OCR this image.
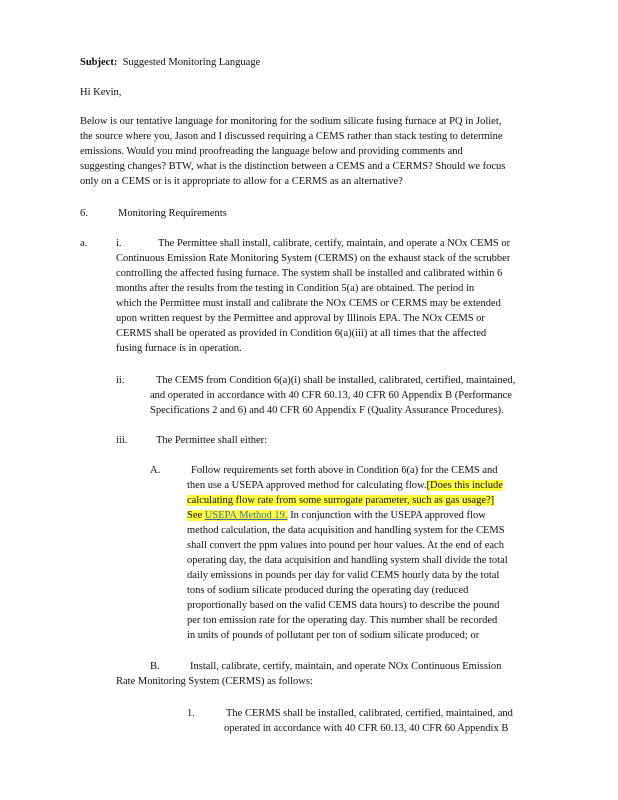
Subject: Suggested Monitoring Language
Hi Kevin,
Below is our tentative language for monitoring for the sodium silicate fusing furnace at PQ in Joliet,
the source where you, Jason and I discussed requiring a CEMS rather than stack testing to determine
emissions. Would you mind proofreading the language below and providing comments and
suggesting changes? BTW, what is the distinction between a CEMS and a CERMS? Should we focus
only on a CEMS or is it appropriate to allow for a CERMS as an alternative?
6.	Monitoring Requirements
a.	i.	The Permittee shall install, calibrate, certify, maintain, and operate a NOx CEMS or
Continuous Emission Rate Monitoring System (CERMS) on the exhaust stack of the scrubber
controlling the affected fusing furnace. The system shall be installed and calibrated within 6
months after the results from the testing in Condition 5(a) are obtained. The period in
which the Permittee must install and calibrate the NOx CEMS or CERMS may be extended
upon written request by the Permittee and approval by Illinois EPA. The NOx CEMS or
CERMS shall be operated as provided in Condition 6(a)(iii) at all times that the affected
fusing furnace is in operation.
ii.	The CEMS from Condition 6(a)(i) shall be installed, calibrated, certified, maintained,
and operated in accordance with 40 CFR 60.13, 40 CFR 60 Appendix B (Performance
Specifications 2 and 6) and 40 CFR 60 Appendix F (Quality Assurance Procedures).
iii.	The Permittee shall either:
A.	Follow requirements set forth above in Condition 6(a) for the CEMS and
then use a USEPA approved method for calculating flow.[Does this include
calculating flow rate from some surrogate parameter, such as gas usage?]
See USEPA Method 19. In conjunction with the USEPA approved flow
method calculation, the data acquisition and handling system for the CEMS
shall convert the ppm values into pound per hour values. At the end of each
operating day, the data acquisition and handling system shall divide the total
daily emissions in pounds per day for valid CEMS hourly data by the total
tons of sodium silicate produced during the operating day (reduced
proportionally based on the valid CEMS data hours) to describe the pound
per ton emission rate for the operating day. This number shall be recorded
in units of pounds of pollutant per ton of sodium silicate produced; or
B.	Install, calibrate, certify, maintain, and operate NOx Continuous Emission
Rate Monitoring System (CERMS) as follows:
1.	The CERMS shall be installed, calibrated, certified, maintained, and
operated in accordance with 40 CFR 60.13, 40 CFR 60 Appendix B
